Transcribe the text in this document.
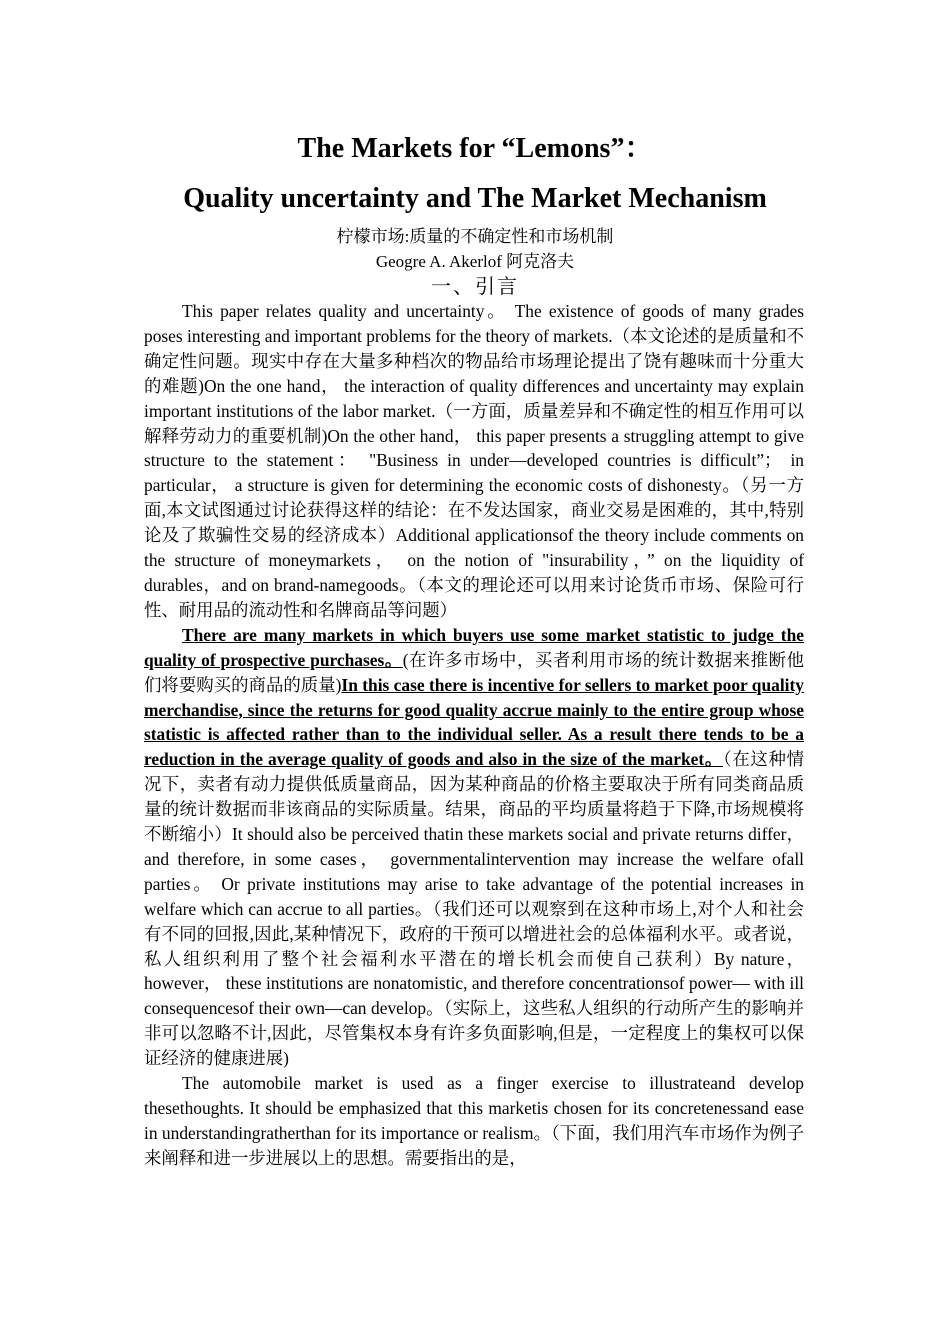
The Markets for “Lemons”：
Quality uncertainty and The Market Mechanism
柠檬市场:质量的不确定性和市场机制
Geogre A. Akerlof 阿克洛夫
一、引言

This paper relates quality and uncertainty。 The existence of goods of many grades poses interesting and important problems for the theory of markets.（本文论述的是质量和不确定性问题。现实中存在大量多种档次的物品给市场理论提出了饶有趣味而十分重大的难题)On the one hand， the interaction of quality differences and uncertainty may explain important institutions of the labor market.（一方面，质量差异和不确定性的相互作用可以解释劳动力的重要机制)On the other hand， this paper presents a struggling attempt to give structure to the statement： "Business in under—developed countries is difficult”； in particular， a structure is given for determining the economic costs of dishonesty。（另一方面,本文试图通过讨论获得这样的结论：在不发达国家，商业交易是困难的，其中,特别论及了欺骗性交易的经济成本）Additional applicationsof the theory include comments on the structure of moneymarkets， on the notion of "insurability，” on the liquidity of durables，and on brand-namegoods。（本文的理论还可以用来讨论货币市场、保险可行性、耐用品的流动性和名牌商品等问题）

There are many markets in which buyers use some market statistic to judge the quality of prospective purchases。(在许多市场中，买者利用市场的统计数据来推断他们将要购买的商品的质量)In this case there is incentive for sellers to market poor quality merchandise, since the returns for good quality accrue mainly to the entire group whose statistic is affected rather than to the individual seller. As a result there tends to be a reduction in the average quality of goods and also in the size of the market。（在这种情况下，卖者有动力提供低质量商品，因为某种商品的价格主要取决于所有同类商品质量的统计数据而非该商品的实际质量。结果，商品的平均质量将趋于下降,市场规模将不断缩小）It should also be perceived thatin these markets social and private returns differ， and therefore, in some cases， governmentalintervention may increase the welfare ofall parties。 Or private institutions may arise to take advantage of the potential increases in welfare which can accrue to all parties。（我们还可以观察到在这种市场上,对个人和社会有不同的回报,因此,某种情况下，政府的干预可以增进社会的总体福利水平。或者说，私人组织利用了整个社会福利水平潜在的增长机会而使自己获利）By nature， however， these institutions are nonatomistic, and therefore concentrationsof power— with ill consequencesof their own—can develop。（实际上，这些私人组织的行动所产生的影响并非可以忽略不计,因此，尽管集权本身有许多负面影响,但是，一定程度上的集权可以保证经济的健康进展)

The automobile market is used as a finger exercise to illustrateand develop thesethoughts. It should be emphasized that this marketis chosen for its concretenessand ease in understandingratherthan for its importance or realism。（下面，我们用汽车市场作为例子来阐释和进一步进展以上的思想。需要指出的是，
